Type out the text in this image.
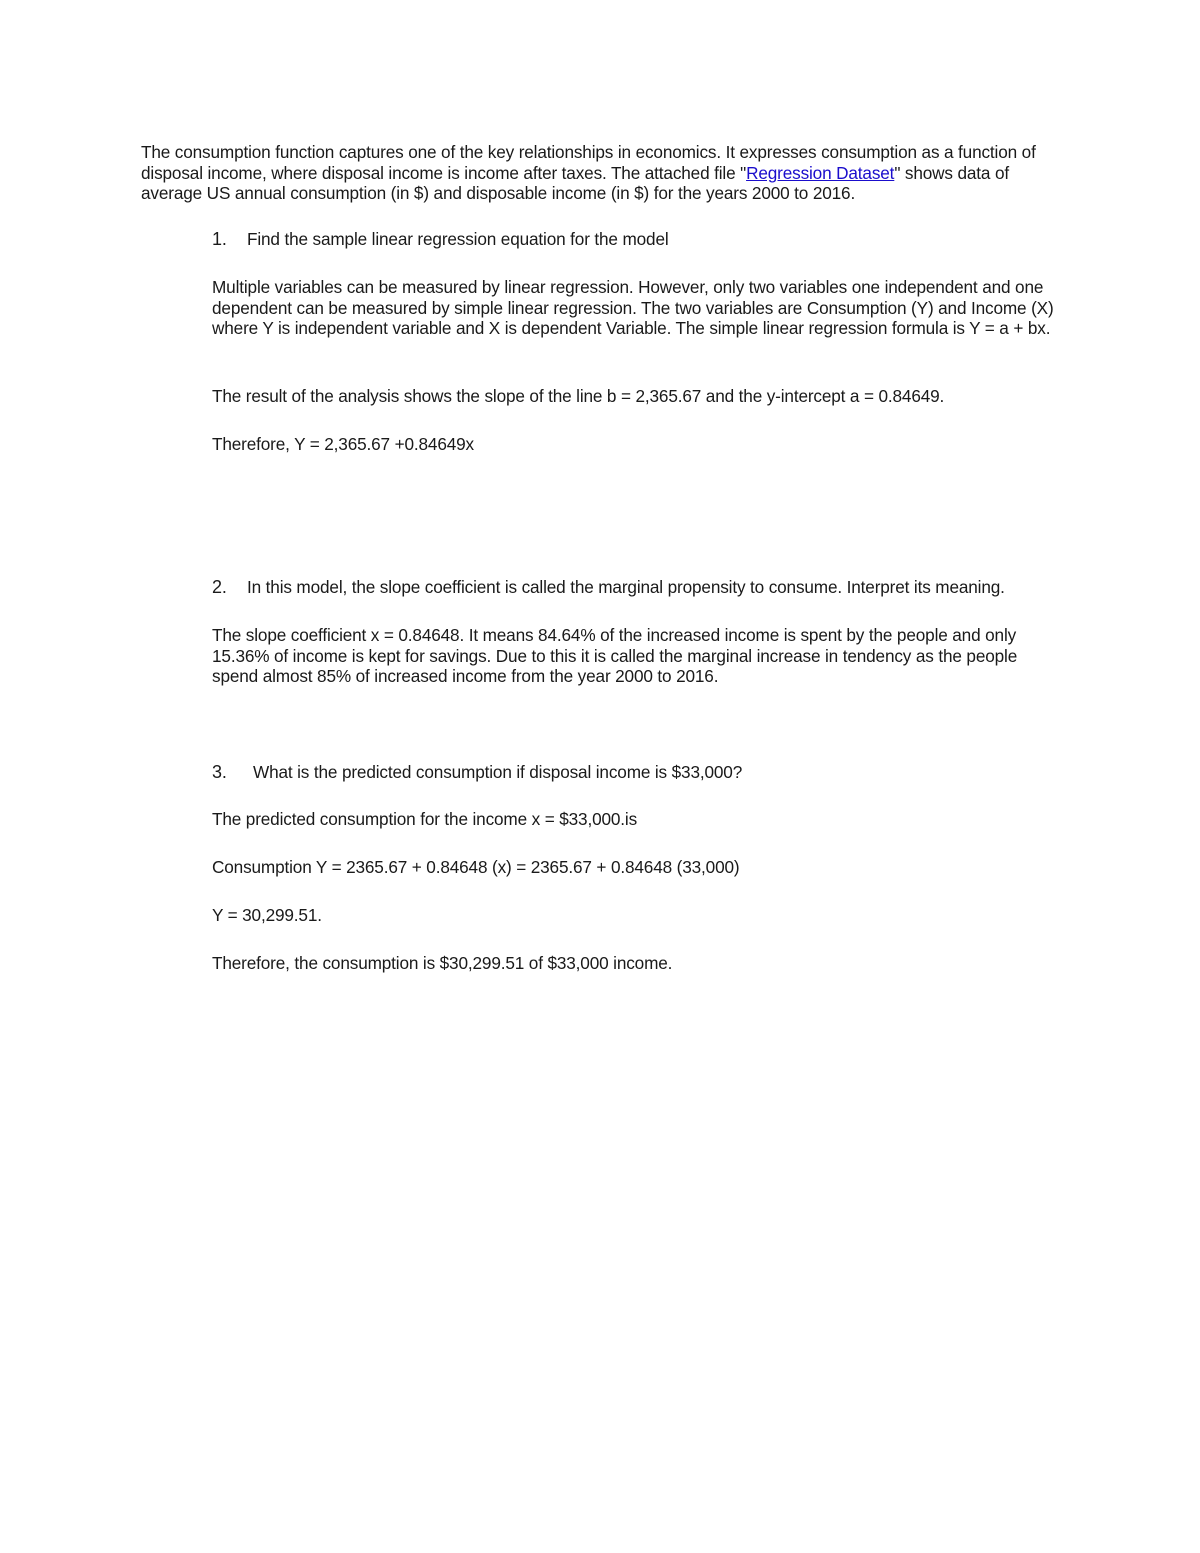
The consumption function captures one of the key relationships in economics. It expresses consumption as a function of disposal income, where disposal income is income after taxes. The attached file "Regression Dataset" shows data of average US annual consumption (in $) and disposable income (in $) for the years 2000 to 2016.

1. Find the sample linear regression equation for the model

Multiple variables can be measured by linear regression. However, only two variables one independent and one dependent can be measured by simple linear regression. The two variables are Consumption (Y) and Income (X) where Y is independent variable and X is dependent Variable. The simple linear regression formula is Y = a + bx.

The result of the analysis shows the slope of the line b = 2,365.67 and the y-intercept a = 0.84649.

Therefore, Y = 2,365.67 +0.84649x

2. In this model, the slope coefficient is called the marginal propensity to consume. Interpret its meaning.

The slope coefficient x = 0.84648. It means 84.64% of the increased income is spent by the people and only 15.36% of income is kept for savings. Due to this it is called the marginal increase in tendency as the people spend almost 85% of increased income from the year 2000 to 2016.

3. What is the predicted consumption if disposal income is $33,000?

The predicted consumption for the income x = $33,000.is

Consumption Y = 2365.67 + 0.84648 (x) = 2365.67 + 0.84648 (33,000)

Y = 30,299.51.

Therefore, the consumption is $30,299.51 of $33,000 income.
